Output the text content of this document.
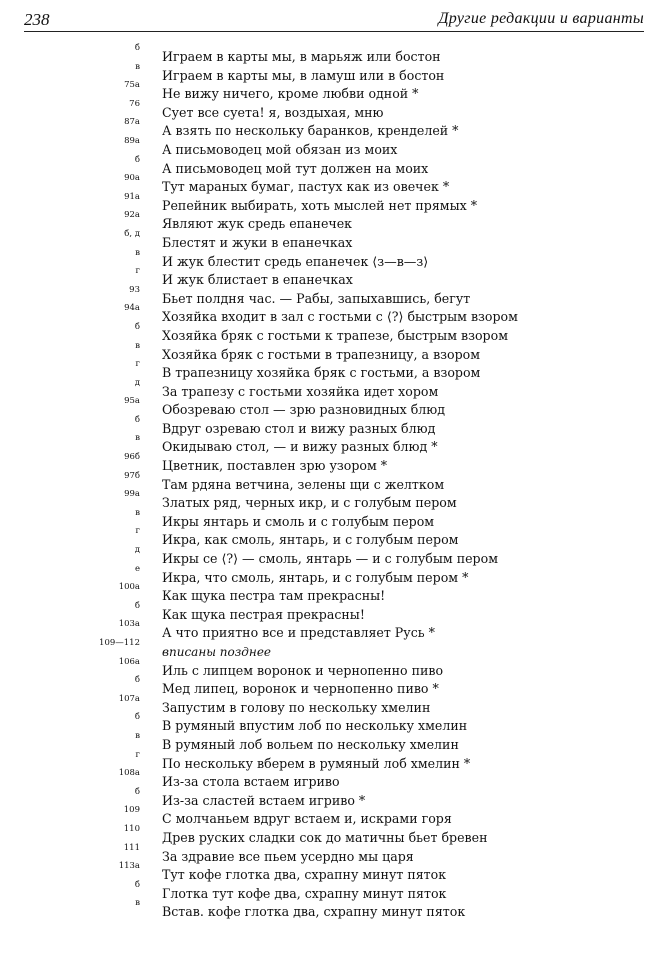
238	Другие редакции и варианты
б
Играем в карты мы, в марьяж или бостон
в
Играем в карты мы, в ламуш или в бостон
75а
Не вижу ничего, кроме любви одной *
76
Сует все суета! я, воздыхая, мню
87а
А взять по нескольку баранков, кренделей *
89а
А письмоводец мой обязан из моих
б
А письмоводец мой тут должен на моих
90а
Тут мараных бумаг, пастух как из овечек *
91а
Репейник выбирать, хоть мыслей нет прямых *
92а
Являют жук средь епанечек
б, д
Блестят и жуки в епанечках
в
И жук блестит средь епанечек ⟨з—в—з⟩
г
И жук блистает в епанечках
93
Бьет полдня час. — Рабы, запыхавшись, бегут
94а
Хозяйка входит в зал с гостьми с ⟨?⟩ быстрым взором
б
Хозяйка бряк с гостьми к трапезе, быстрым взором
в
Хозяйка бряк с гостьми в трапезницу, а взором
г
В трапезницу хозяйка бряк с гостьми, а взором
д
За трапезу с гостьми хозяйка идет хором
95а
Обозреваю стол — зрю разновидных блюд
б
Вдруг озреваю стол и вижу разных блюд
в
Окидываю стол, — и вижу разных блюд *
96б
Цветник, поставлен зрю узором *
97б
Там рдяна ветчина, зелены щи с желтком
99а
Златых ряд, черных икр, и с голубым пером
в
Икры янтарь и смоль и с голубым пером
г
Икра, как смоль, янтарь, и с голубым пером
д
Икры се ⟨?⟩ — смоль, янтарь — и с голубым пером
е
Икра, что смоль, янтарь, и с голубым пером *
100а
Как щука пестра там прекрасны!
б
Как щука пестрая прекрасны!
103а
А что приятно все и представляет Русь *
109—112
вписаны позднее
106а
Иль с липцем воронок и чернопенно пиво
б
Мед липец, воронок и чернопенно пиво *
107а
Запустим в голову по нескольку хмелин
б
В румяный впустим лоб по нескольку хмелин
в
В румяный лоб вольем по нескольку хмелин
г
По нескольку вберем в румяный лоб хмелин *
108а
Из-за стола встаем игриво
б
Из-за сластей встаем игриво *
109
С молчаньем вдруг встаем и, искрами горя
110
Древ руских сладки сок до матичны бьет бревен
111
За здравие все пьем усердно мы царя
113а
Тут кофе глотка два, схрапну минут пяток
б
Глотка тут кофе два, схрапну минут пяток
в
Встав. кофе глотка два, схрапну минут пяток
